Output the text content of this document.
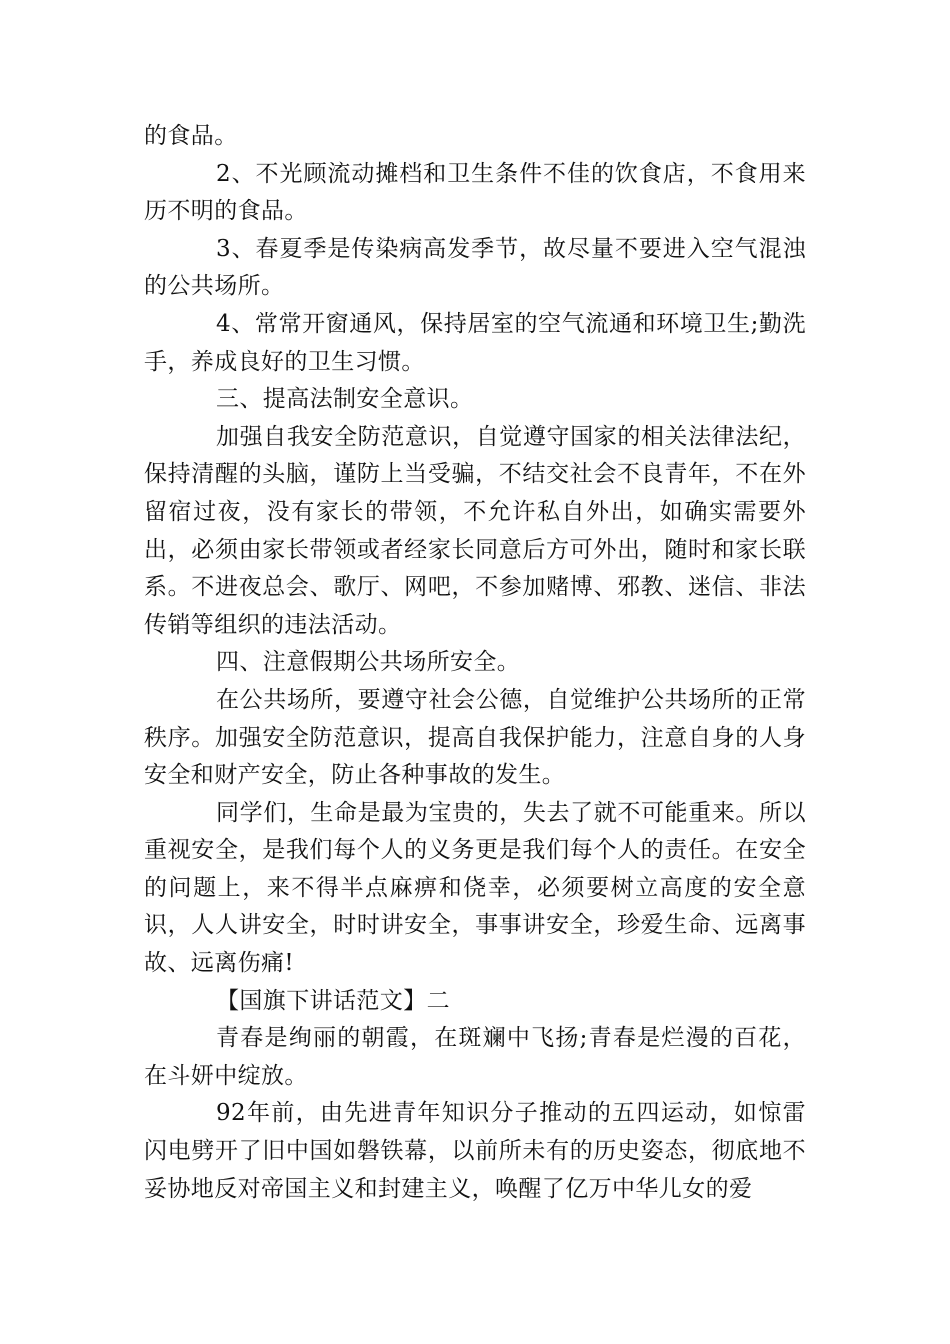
的食品。

2、不光顾流动摊档和卫生条件不佳的饮食店，不食用来历不明的食品。

3、春夏季是传染病高发季节，故尽量不要进入空气混浊的公共场所。

4、常常开窗通风，保持居室的空气流通和环境卫生;勤洗手，养成良好的卫生习惯。

三、提高法制安全意识。

加强自我安全防范意识，自觉遵守国家的相关法律法纪，保持清醒的头脑，谨防上当受骗，不结交社会不良青年，不在外留宿过夜，没有家长的带领，不允许私自外出，如确实需要外出，必须由家长带领或者经家长同意后方可外出，随时和家长联系。不进夜总会、歌厅、网吧，不参加赌博、邪教、迷信、非法传销等组织的违法活动。

四、注意假期公共场所安全。

在公共场所，要遵守社会公德，自觉维护公共场所的正常秩序。加强安全防范意识，提高自我保护能力，注意自身的人身安全和财产安全，防止各种事故的发生。

同学们，生命是最为宝贵的，失去了就不可能重来。所以重视安全，是我们每个人的义务更是我们每个人的责任。在安全的问题上，来不得半点麻痹和侥幸，必须要树立高度的安全意识，人人讲安全，时时讲安全，事事讲安全，珍爱生命、远离事故、远离伤痛!

【国旗下讲话范文】二

青春是绚丽的朝霞，在斑斓中飞扬;青春是烂漫的百花，在斗妍中绽放。

92年前，由先进青年知识分子推动的五四运动，如惊雷闪电劈开了旧中国如磐铁幕，以前所未有的历史姿态，彻底地不妥协地反对帝国主义和封建主义，唤醒了亿万中华儿女的爱
